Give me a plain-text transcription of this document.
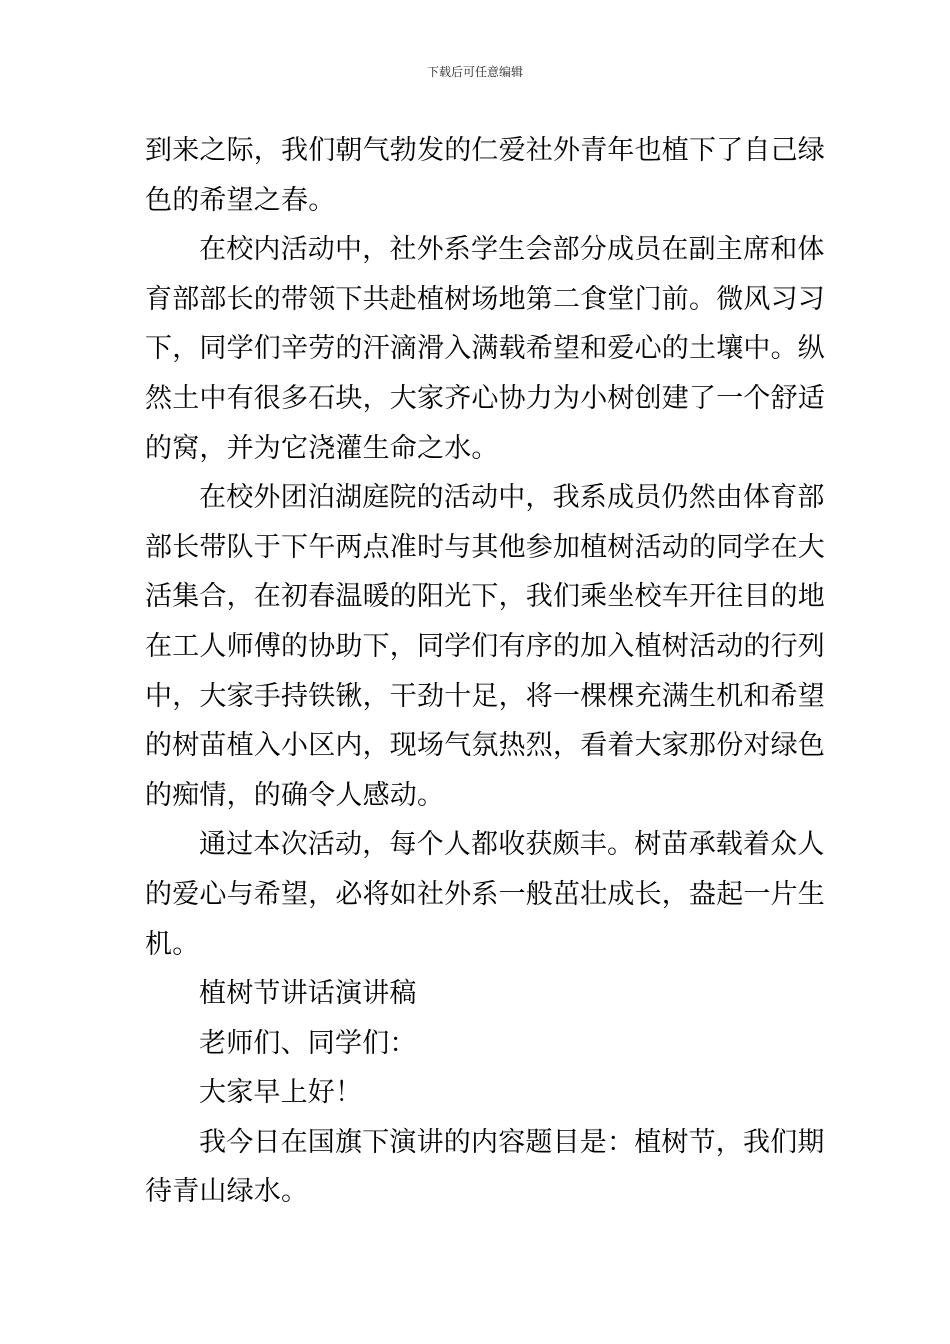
下载后可任意编辑
到来之际，我们朝气勃发的仁爱社外青年也植下了自己绿
色的希望之春。
在校内活动中，社外系学生会部分成员在副主席和体
育部部长的带领下共赴植树场地第二食堂门前。微风习习
下，同学们辛劳的汗滴滑入满载希望和爱心的土壤中。纵
然土中有很多石块，大家齐心协力为小树创建了一个舒适
的窝，并为它浇灌生命之水。
在校外团泊湖庭院的活动中，我系成员仍然由体育部
部长带队于下午两点准时与其他参加植树活动的同学在大
活集合，在初春温暖的阳光下，我们乘坐校车开往目的地
在工人师傅的协助下，同学们有序的加入植树活动的行列
中，大家手持铁锹，干劲十足，将一棵棵充满生机和希望
的树苗植入小区内，现场气氛热烈，看着大家那份对绿色
的痴情，的确令人感动。
通过本次活动，每个人都收获颇丰。树苗承载着众人
的爱心与希望，必将如社外系一般茁壮成长，盎起一片生
机。
植树节讲话演讲稿
老师们、同学们：
大家早上好！
我今日在国旗下演讲的内容题目是：植树节，我们期
待青山绿水。
